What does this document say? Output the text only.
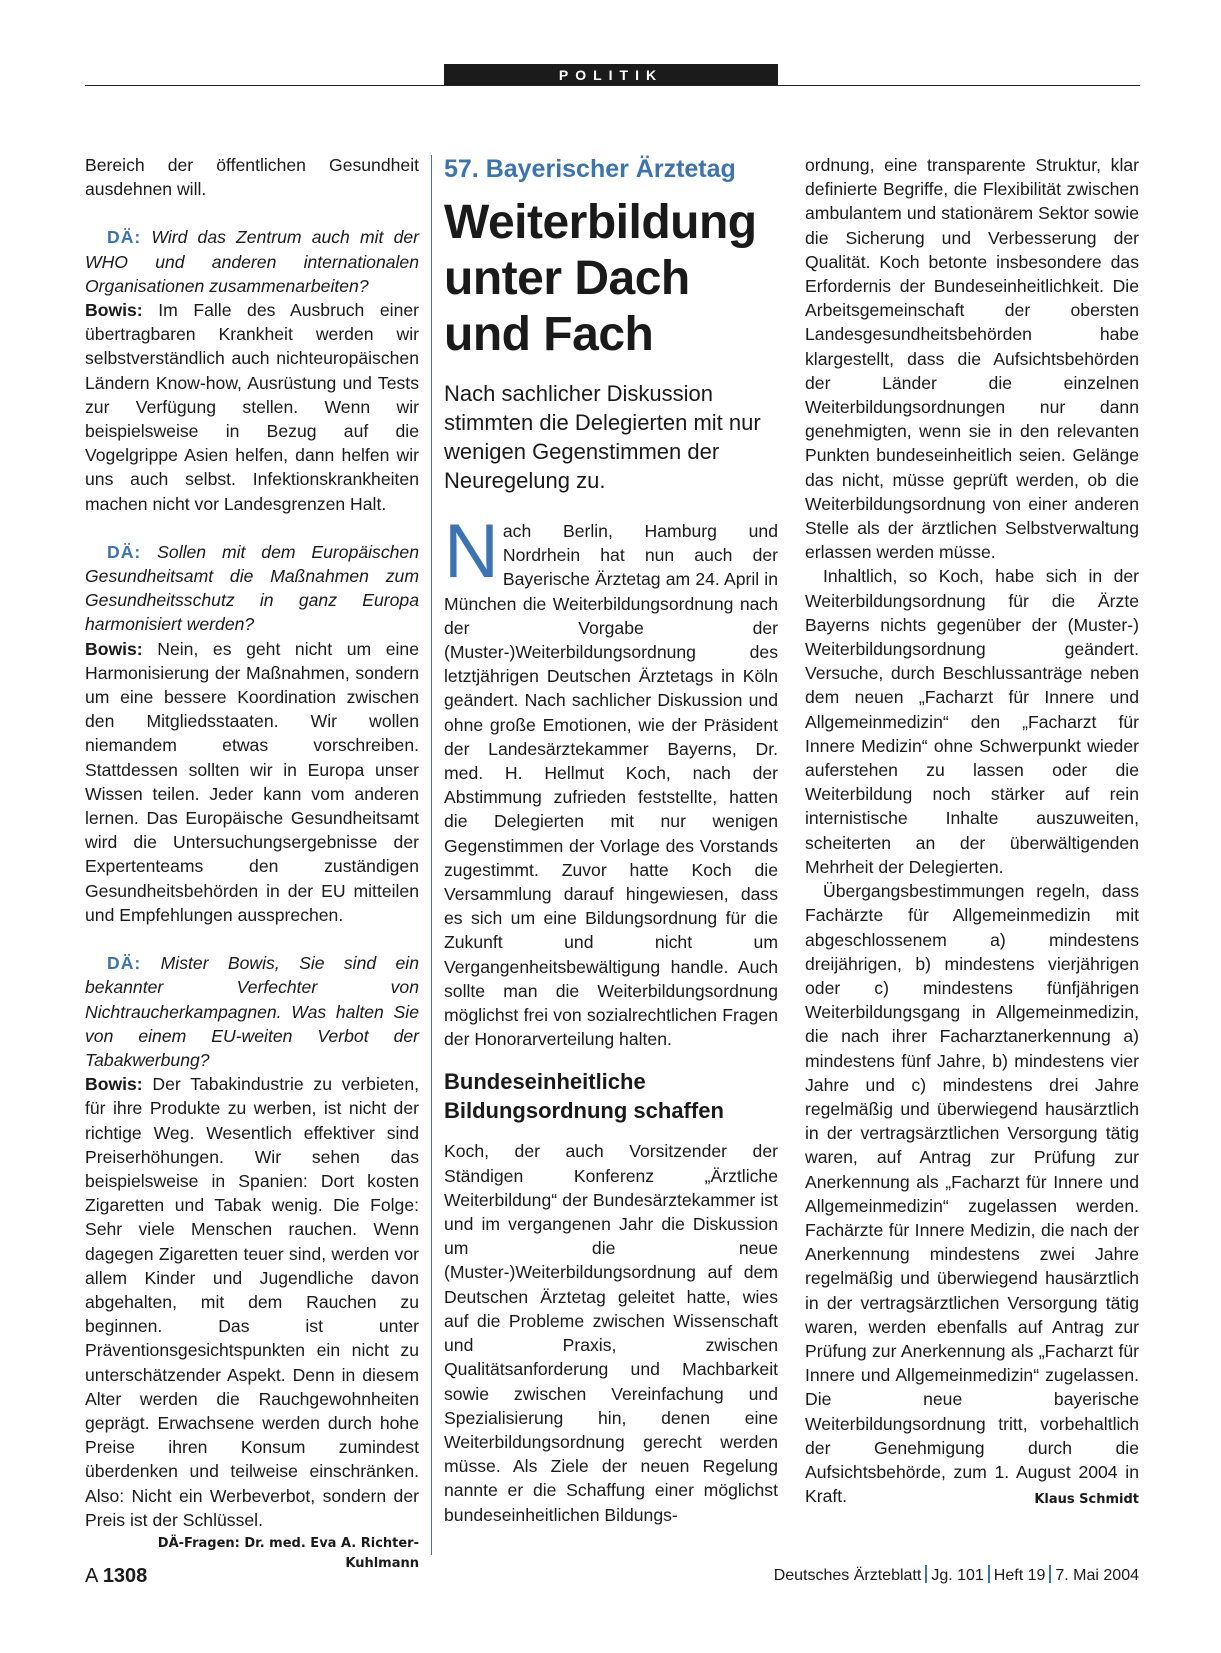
POLITIK

Bereich der öffentlichen Gesundheit ausdehnen will.

DÄ: Wird das Zentrum auch mit der WHO und anderen internationalen Organisationen zusammenarbeiten?

Bowis: Im Falle des Ausbruch einer übertragbaren Krankheit werden wir selbstverständlich auch nichteuropäischen Ländern Know-how, Ausrüstung und Tests zur Verfügung stellen. Wenn wir beispielsweise in Bezug auf die Vogelgrippe Asien helfen, dann helfen wir uns auch selbst. Infektionskrankheiten machen nicht vor Landesgrenzen Halt.

DÄ: Sollen mit dem Europäischen Gesundheitsamt die Maßnahmen zum Gesundheitsschutz in ganz Europa harmonisiert werden?

Bowis: Nein, es geht nicht um eine Harmonisierung der Maßnahmen, sondern um eine bessere Koordination zwischen den Mitgliedsstaaten. Wir wollen niemandem etwas vorschreiben. Stattdessen sollten wir in Europa unser Wissen teilen. Jeder kann vom anderen lernen. Das Europäische Gesundheitsamt wird die Untersuchungsergebnisse der Expertenteams den zuständigen Gesundheitsbehörden in der EU mitteilen und Empfehlungen aussprechen.

DÄ: Mister Bowis, Sie sind ein bekannter Verfechter von Nichtraucherkampagnen. Was halten Sie von einem EU-weiten Verbot der Tabakwerbung?

Bowis: Der Tabakindustrie zu verbieten, für ihre Produkte zu werben, ist nicht der richtige Weg. Wesentlich effektiver sind Preiserhöhungen. Wir sehen das beispielsweise in Spanien: Dort kosten Zigaretten und Tabak wenig. Die Folge: Sehr viele Menschen rauchen. Wenn dagegen Zigaretten teuer sind, werden vor allem Kinder und Jugendliche davon abgehalten, mit dem Rauchen zu beginnen. Das ist unter Präventionsgesichtspunkten ein nicht zu unterschätzender Aspekt. Denn in diesem Alter werden die Rauchgewohnheiten geprägt. Erwachsene werden durch hohe Preise ihren Konsum zumindest überdenken und teilweise einschränken. Also: Nicht ein Werbeverbot, sondern der Preis ist der Schlüssel.

DÄ-Fragen: Dr. med. Eva A. Richter-Kuhlmann
57. Bayerischer Ärztetag
Weiterbildung unter Dach und Fach
Nach sachlicher Diskussion stimmten die Delegierten mit nur wenigen Gegenstimmen der Neuregelung zu.

Nach Berlin, Hamburg und Nordrhein hat nun auch der Bayerische Ärztetag am 24. April in München die Weiterbildungsordnung nach der Vorgabe der (Muster-)Weiterbildungsordnung des letztjährigen Deutschen Ärztetags in Köln geändert. Nach sachlicher Diskussion und ohne große Emotionen, wie der Präsident der Landesärztekammer Bayerns, Dr. med. H. Hellmut Koch, nach der Abstimmung zufrieden feststellte, hatten die Delegierten mit nur wenigen Gegenstimmen der Vorlage des Vorstands zugestimmt. Zuvor hatte Koch die Versammlung darauf hingewiesen, dass es sich um eine Bildungsordnung für die Zukunft und nicht um Vergangenheitsbewältigung handle. Auch sollte man die Weiterbildungsordnung möglichst frei von sozialrechtlichen Fragen der Honorarverteilung halten.

Bundeseinheitliche Bildungsordnung schaffen

Koch, der auch Vorsitzender der Ständigen Konferenz „Ärztliche Weiterbildung“ der Bundesärztekammer ist und im vergangenen Jahr die Diskussion um die neue (Muster-)Weiterbildungsordnung auf dem Deutschen Ärztetag geleitet hatte, wies auf die Probleme zwischen Wissenschaft und Praxis, zwischen Qualitätsanforderung und Machbarkeit sowie zwischen Vereinfachung und Spezialisierung hin, denen eine Weiterbildungsordnung gerecht werden müsse. Als Ziele der neuen Regelung nannte er die Schaffung einer möglichst bundeseinheitlichen Bildungs-

ordnung, eine transparente Struktur, klar definierte Begriffe, die Flexibilität zwischen ambulantem und stationärem Sektor sowie die Sicherung und Verbesserung der Qualität. Koch betonte insbesondere das Erfordernis der Bundeseinheitlichkeit. Die Arbeitsgemeinschaft der obersten Landesgesundheitsbehörden habe klargestellt, dass die Aufsichtsbehörden der Länder die einzelnen Weiterbildungsordnungen nur dann genehmigten, wenn sie in den relevanten Punkten bundeseinheitlich seien. Gelänge das nicht, müsse geprüft werden, ob die Weiterbildungsordnung von einer anderen Stelle als der ärztlichen Selbstverwaltung erlassen werden müsse.

Inhaltlich, so Koch, habe sich in der Weiterbildungsordnung für die Ärzte Bayerns nichts gegenüber der (Muster-) Weiterbildungsordnung geändert. Versuche, durch Beschlussanträge neben dem neuen „Facharzt für Innere und Allgemeinmedizin“ den „Facharzt für Innere Medizin“ ohne Schwerpunkt wieder auferstehen zu lassen oder die Weiterbildung noch stärker auf rein internistische Inhalte auszuweiten, scheiterten an der überwältigenden Mehrheit der Delegierten.

Übergangsbestimmungen regeln, dass Fachärzte für Allgemeinmedizin mit abgeschlossenem a) mindestens dreijährigen, b) mindestens vierjährigen oder c) mindestens fünfjährigen Weiterbildungsgang in Allgemeinmedizin, die nach ihrer Facharztanerkennung a) mindestens fünf Jahre, b) mindestens vier Jahre und c) mindestens drei Jahre regelmäßig und überwiegend hausärztlich in der vertragsärztlichen Versorgung tätig waren, auf Antrag zur Prüfung zur Anerkennung als „Facharzt für Innere und Allgemeinmedizin“ zugelassen werden. Fachärzte für Innere Medizin, die nach der Anerkennung mindestens zwei Jahre regelmäßig und überwiegend hausärztlich in der vertragsärztlichen Versorgung tätig waren, werden ebenfalls auf Antrag zur Prüfung zur Anerkennung als „Facharzt für Innere und Allgemeinmedizin“ zugelassen. Die neue bayerische Weiterbildungsordnung tritt, vorbehaltlich der Genehmigung durch die Aufsichtsbehörde, zum 1. August 2004 in Kraft.	Klaus Schmidt

A 1308	Deutsches Ärzteblatt Jg. 101 Heft 19 7. Mai 2004
